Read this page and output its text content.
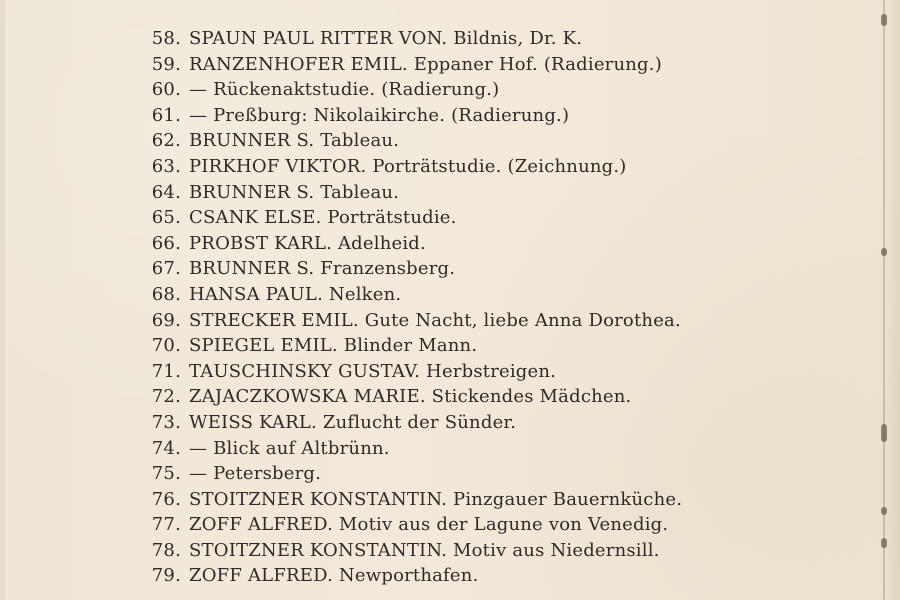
58. SPAUN PAUL RITTER VON. Bildnis, Dr. K.
59. RANZENHOFER EMIL. Eppaner Hof. (Radierung.)
60. — Rückenaktstudie. (Radierung.)
61. — Preßburg: Nikolaikirche. (Radierung.)
62. BRUNNER S. Tableau.
63. PIRKHOF VIKTOR. Porträtstudie. (Zeichnung.)
64. BRUNNER S. Tableau.
65. CSANK ELSE. Porträtstudie.
66. PROBST KARL. Adelheid.
67. BRUNNER S. Franzensberg.
68. HANSA PAUL. Nelken.
69. STRECKER EMIL. Gute Nacht, liebe Anna Dorothea.
70. SPIEGEL EMIL. Blinder Mann.
71. TAUSCHINSKY GUSTAV. Herbstreigen.
72. ZAJACZKOWSKA MARIE. Stickendes Mädchen.
73. WEISS KARL. Zuflucht der Sünder.
74. — Blick auf Altbrünn.
75. — Petersberg.
76. STOITZNER KONSTANTIN. Pinzgauer Bauernküche.
77. ZOFF ALFRED. Motiv aus der Lagune von Venedig.
78. STOITZNER KONSTANTIN. Motiv aus Niedernsill.
79. ZOFF ALFRED. Newporthafen.
